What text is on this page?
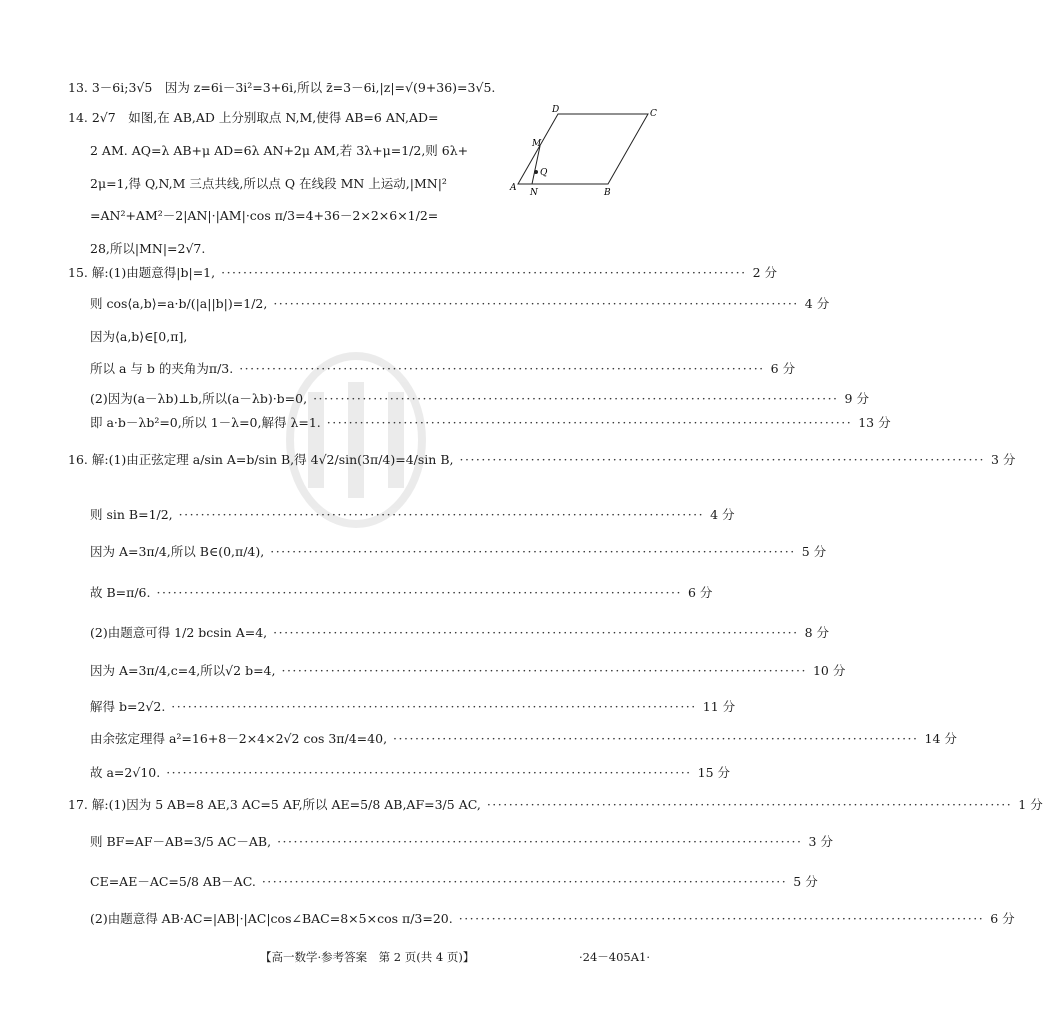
A	B
C
D
M
N
Q
13. 3－6i;3√5　因为 z=6i－3i²=3+6i,所以 z̄=3－6i,|z|=√(9+36)=3√5.
14. 2√7　如图,在 AB,AD 上分别取点 N,M,使得 AB=6 AN,AD=
2 AM. AQ=λ AB+μ AD=6λ AN+2μ AM,若 3λ+μ=1/2,则 6λ+
2μ=1,得 Q,N,M 三点共线,所以点 Q 在线段 MN 上运动,|MN|²
=AN²+AM²－2|AN|·|AM|·cos π/3=4+36－2×2×6×1/2=
28,所以|MN|=2√7.
15. 解:(1)由题意得|b|=1, ································································································ 2 分
则 cos⟨a,b⟩=a·b/(|a||b|)=1/2, ································································································ 4 分
因为⟨a,b⟩∈[0,π],
所以 a 与 b 的夹角为π/3. ································································································ 6 分
(2)因为(a－λb)⊥b,所以(a－λb)·b=0, ································································································ 9 分
即 a·b－λb²=0,所以 1－λ=0,解得 λ=1. ································································································ 13 分
16. 解:(1)由正弦定理 a/sin A=b/sin B,得 4√2/sin(3π/4)=4/sin B, ································································································ 3 分
则 sin B=1/2, ································································································ 4 分
因为 A=3π/4,所以 B∈(0,π/4), ································································································ 5 分
故 B=π/6. ································································································ 6 分
(2)由题意可得 1/2 bcsin A=4, ································································································ 8 分
因为 A=3π/4,c=4,所以√2 b=4, ································································································ 10 分
解得 b=2√2. ································································································ 11 分
由余弦定理得 a²=16+8－2×4×2√2 cos 3π/4=40, ································································································ 14 分
故 a=2√10. ································································································ 15 分
17. 解:(1)因为 5 AB=8 AE,3 AC=5 AF,所以 AE=5/8 AB,AF=3/5 AC, ································································································ 1 分
则 BF=AF－AB=3/5 AC－AB, ································································································ 3 分
CE=AE－AC=5/8 AB－AC. ································································································ 5 分
(2)由题意得 AB·AC=|AB|·|AC|cos∠BAC=8×5×cos π/3=20. ································································································ 6 分
【高一数学·参考答案　第 2 页(共 4 页)】	·24－405A1·
